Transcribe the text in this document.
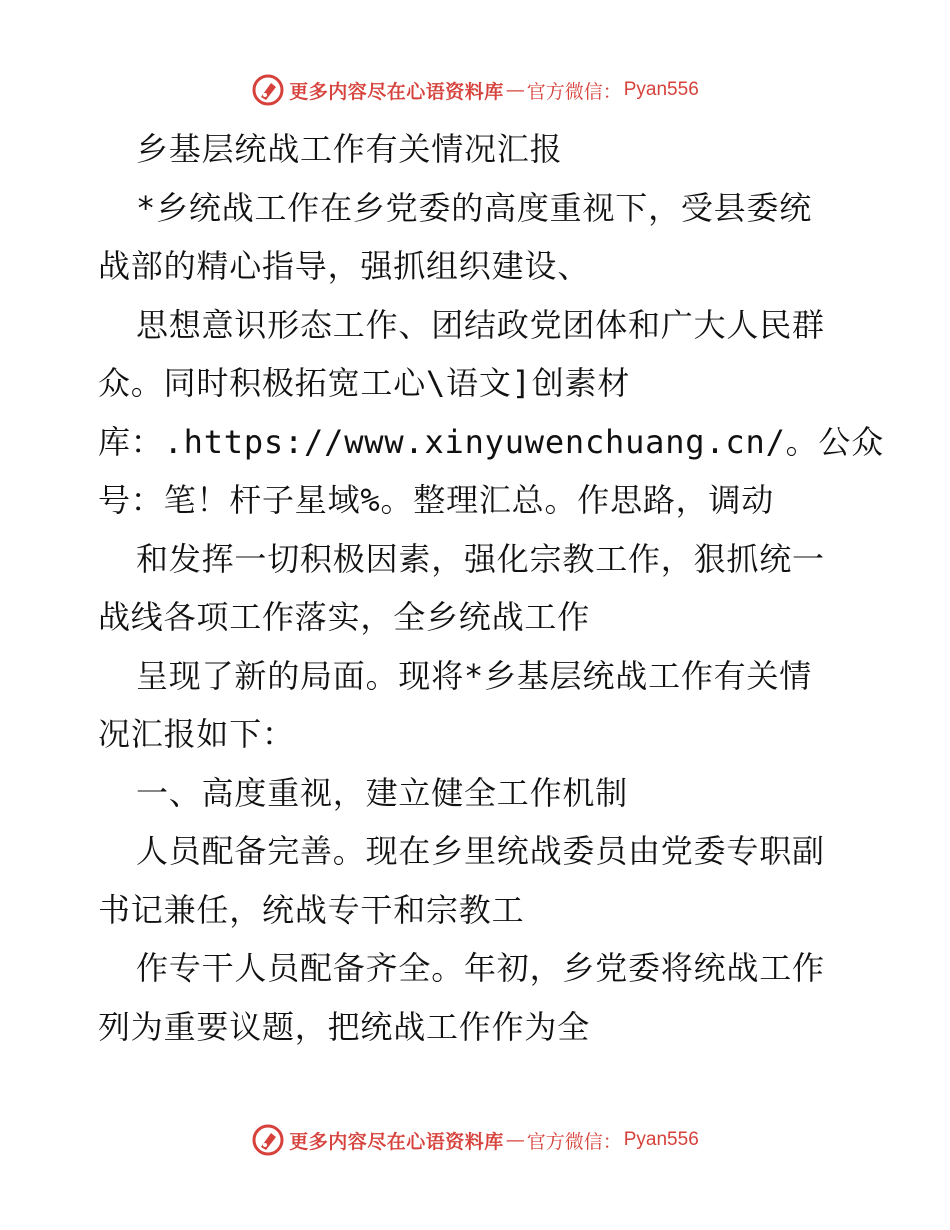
更多内容尽在心语资料库 — 官方微信： Pyan556
乡基层统战工作有关情况汇报
*乡统战工作在乡党委的高度重视下，受县委统
战部的精心指导，强抓组织建设、
思想意识形态工作、团结政党团体和广大人民群
众。同时积极拓宽工心\语文]创素材
库：.https://www.xinyuwenchuang.cn/。公众
号：笔！杆子星域%。整理汇总。作思路，调动
和发挥一切积极因素，强化宗教工作，狠抓统一
战线各项工作落实，全乡统战工作
呈现了新的局面。现将*乡基层统战工作有关情
况汇报如下：
一、高度重视，建立健全工作机制
人员配备完善。现在乡里统战委员由党委专职副
书记兼任，统战专干和宗教工
作专干人员配备齐全。年初，乡党委将统战工作
列为重要议题，把统战工作作为全
更多内容尽在心语资料库 — 官方微信： Pyan556
